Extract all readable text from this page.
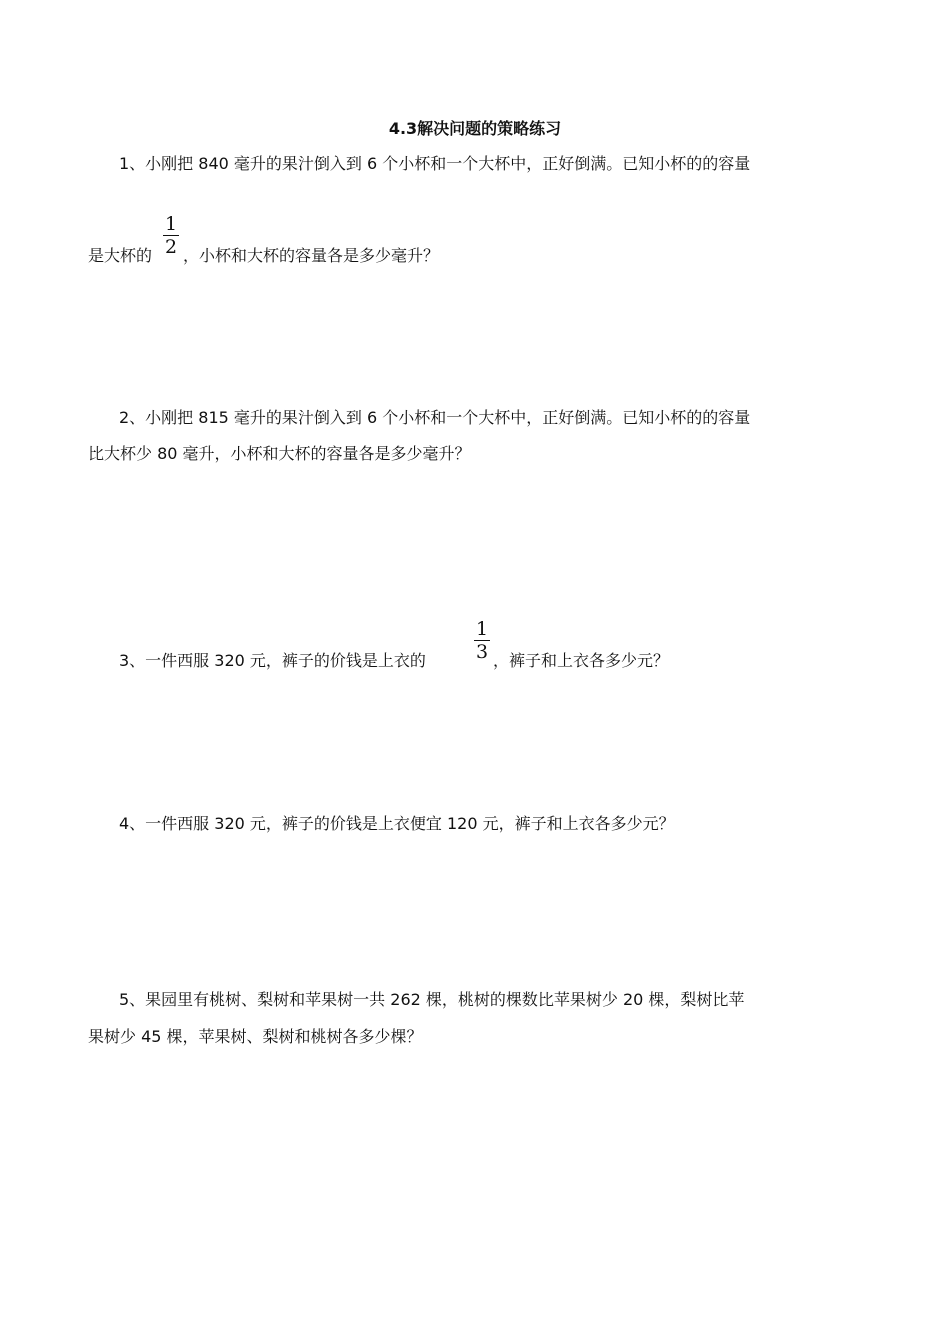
4.3解决问题的策略练习
1、小刚把 840 毫升的果汁倒入到 6 个小杯和一个大杯中，正好倒满。已知小杯的的容量
是大杯的
1
2 ，小杯和大杯的容量各是多少毫升？
2、小刚把 815 毫升的果汁倒入到 6 个小杯和一个大杯中，正好倒满。已知小杯的的容量
比大杯少 80 毫升，小杯和大杯的容量各是多少毫升？
3、一件西服 320 元，裤子的价钱是上衣的
1
3 ，裤子和上衣各多少元？
4、一件西服 320 元，裤子的价钱是上衣便宜 120 元，裤子和上衣各多少元？
5、果园里有桃树、梨树和苹果树一共 262 棵，桃树的棵数比苹果树少 20 棵，梨树比苹
果树少 45 棵，苹果树、梨树和桃树各多少棵？
